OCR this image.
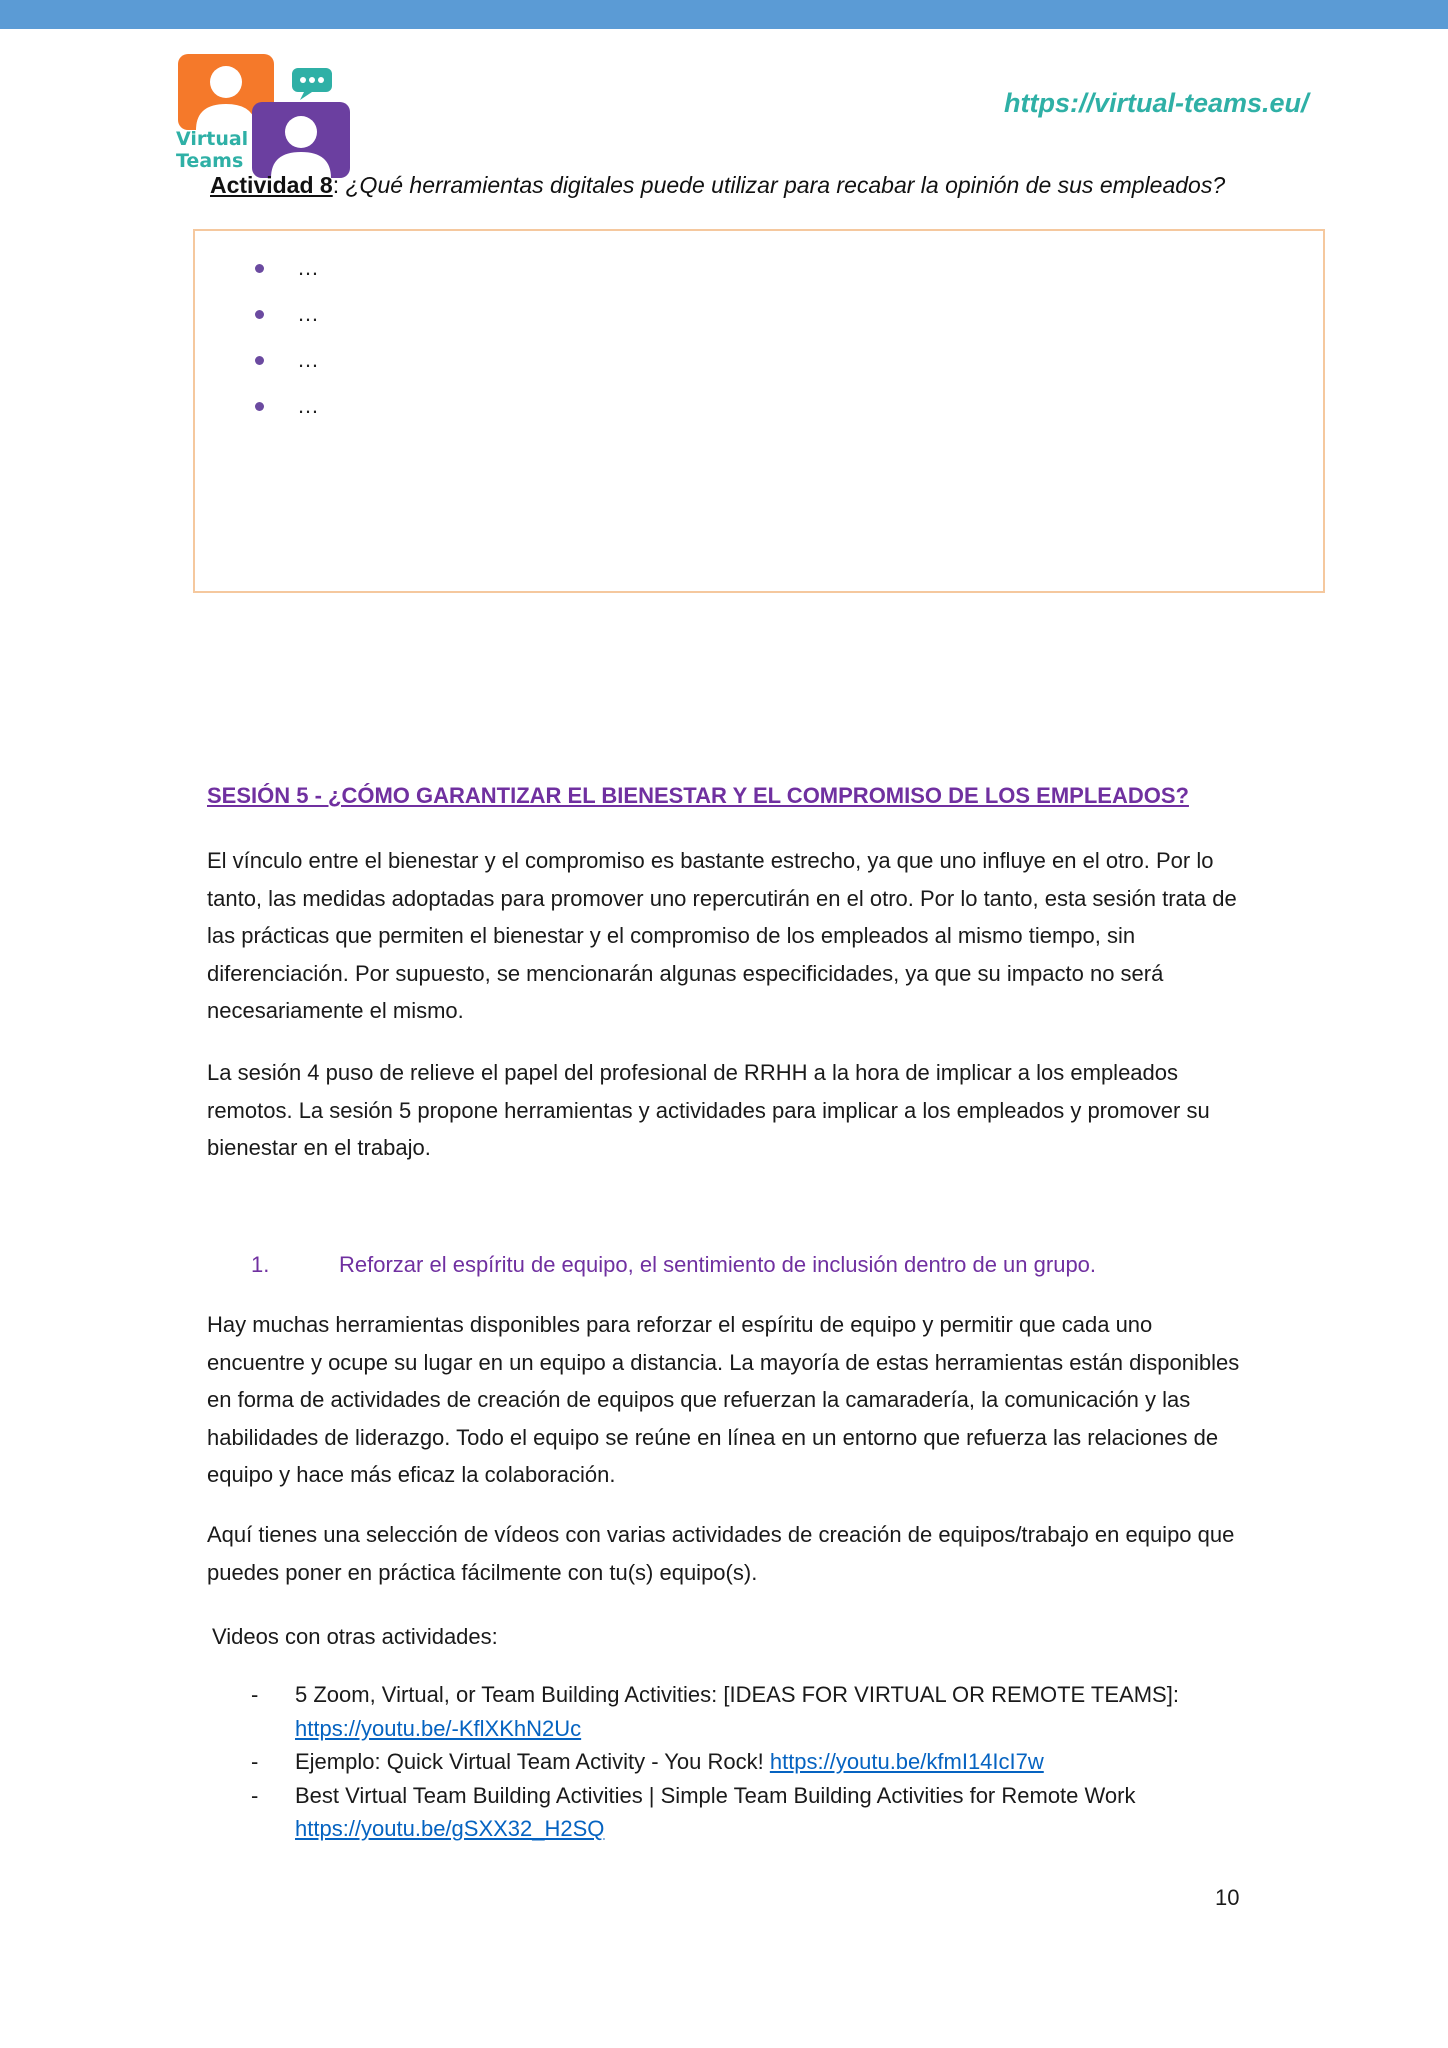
Virtual
Teams
https://virtual-teams.eu/
Actividad 8: ¿Qué herramientas digitales puede utilizar para recabar la opinión de sus empleados?
…
…
…
…
SESIÓN 5 - ¿CÓMO GARANTIZAR EL BIENESTAR Y EL COMPROMISO DE LOS EMPLEADOS?

El vínculo entre el bienestar y el compromiso es bastante estrecho, ya que uno influye en el otro. Por lo tanto, las medidas adoptadas para promover uno repercutirán en el otro. Por lo tanto, esta sesión trata de las prácticas que permiten el bienestar y el compromiso de los empleados al mismo tiempo, sin diferenciación. Por supuesto, se mencionarán algunas especificidades, ya que su impacto no será necesariamente el mismo.

La sesión 4 puso de relieve el papel del profesional de RRHH a la hora de implicar a los empleados remotos. La sesión 5 propone herramientas y actividades para implicar a los empleados y promover su bienestar en el trabajo.

1.	Reforzar el espíritu de equipo, el sentimiento de inclusión dentro de un grupo.

Hay muchas herramientas disponibles para reforzar el espíritu de equipo y permitir que cada uno encuentre y ocupe su lugar en un equipo a distancia. La mayoría de estas herramientas están disponibles en forma de actividades de creación de equipos que refuerzan la camaradería, la comunicación y las habilidades de liderazgo. Todo el equipo se reúne en línea en un entorno que refuerza las relaciones de equipo y hace más eficaz la colaboración.

Aquí tienes una selección de vídeos con varias actividades de creación de equipos/trabajo en equipo que puedes poner en práctica fácilmente con tu(s) equipo(s).

Videos con otras actividades:

- 5 Zoom, Virtual, or Team Building Activities: [IDEAS FOR VIRTUAL OR REMOTE TEAMS]: https://youtu.be/-KflXKhN2Uc
- Ejemplo: Quick Virtual Team Activity - You Rock! https://youtu.be/kfmI14IcI7w
- Best Virtual Team Building Activities | Simple Team Building Activities for Remote Work https://youtu.be/gSXX32_H2SQ
10
